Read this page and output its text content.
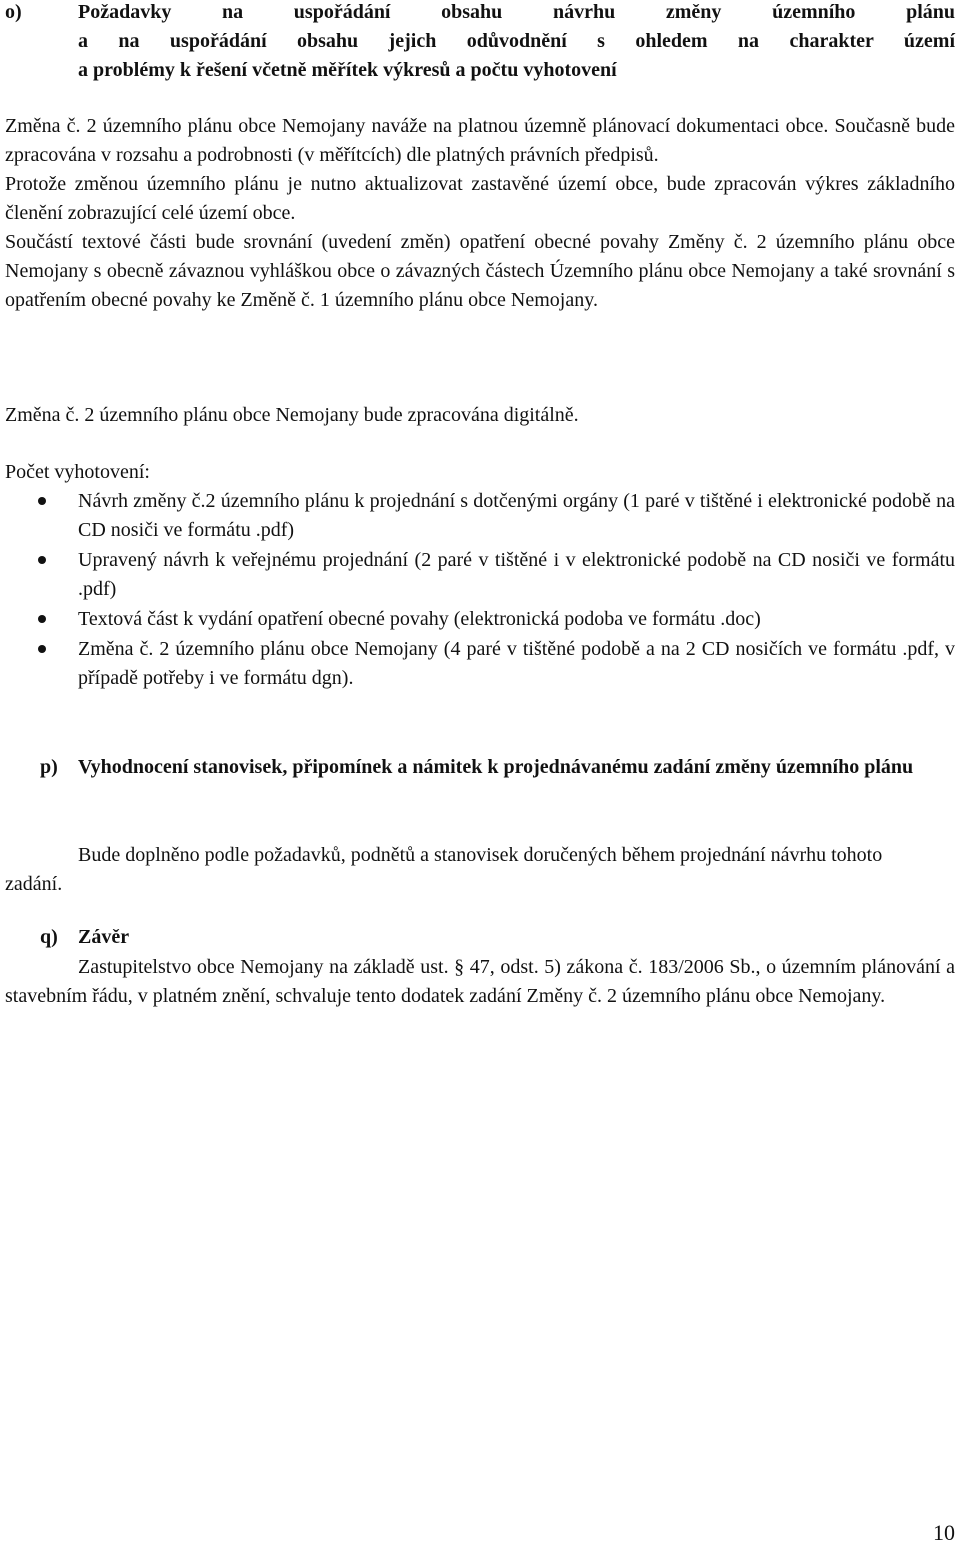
o)	Požadavky na uspořádání obsahu návrhu změny územního plánu
a na uspořádání obsahu jejich odůvodnění s ohledem na charakter území
a problémy k řešení včetně měřítek výkresů a počtu vyhotovení

Změna č. 2 územního plánu obce Nemojany naváže na platnou územně plánovací dokumentaci obce. Současně bude zpracována v rozsahu a podrobnosti (v měřítcích) dle platných právních předpisů.

Protože změnou územního plánu je nutno aktualizovat zastavěné území obce, bude zpracován výkres základního členění zobrazující celé území obce.

Součástí textové části bude srovnání (uvedení změn) opatření obecné povahy Změny č. 2 územního plánu obce Nemojany s obecně závaznou vyhláškou obce o závazných částech Územního plánu obce Nemojany a také srovnání s opatřením obecné povahy ke Změně č. 1 územního plánu obce Nemojany.

Změna č. 2 územního plánu obce Nemojany bude zpracována digitálně.

Počet vyhotovení:

Návrh změny č.2 územního plánu k projednání s dotčenými orgány (1 paré v tištěné i elektronické podobě na CD nosiči ve formátu .pdf)
Upravený návrh k veřejnému projednání (2 paré v tištěné i v elektronické podobě na CD nosiči ve formátu .pdf)
Textová část k vydání opatření obecné povahy (elektronická podoba ve formátu .doc)
Změna č. 2 územního plánu obce Nemojany (4 paré v tištěné podobě a na 2 CD nosičích ve formátu .pdf, v případě potřeby i ve formátu dgn).
p)	Vyhodnocení stanovisek, připomínek a námitek k projednávanému zadání změny územního plánu

Bude doplněno podle požadavků, podnětů a stanovisek doručených během projednání návrhu tohoto zadání.

q) Závěr

Zastupitelstvo obce Nemojany na základě ust. § 47, odst. 5) zákona č. 183/2006 Sb., o územním plánování a stavebním řádu, v platném znění, schvaluje tento dodatek zadání Změny č. 2 územního plánu obce Nemojany.

10
